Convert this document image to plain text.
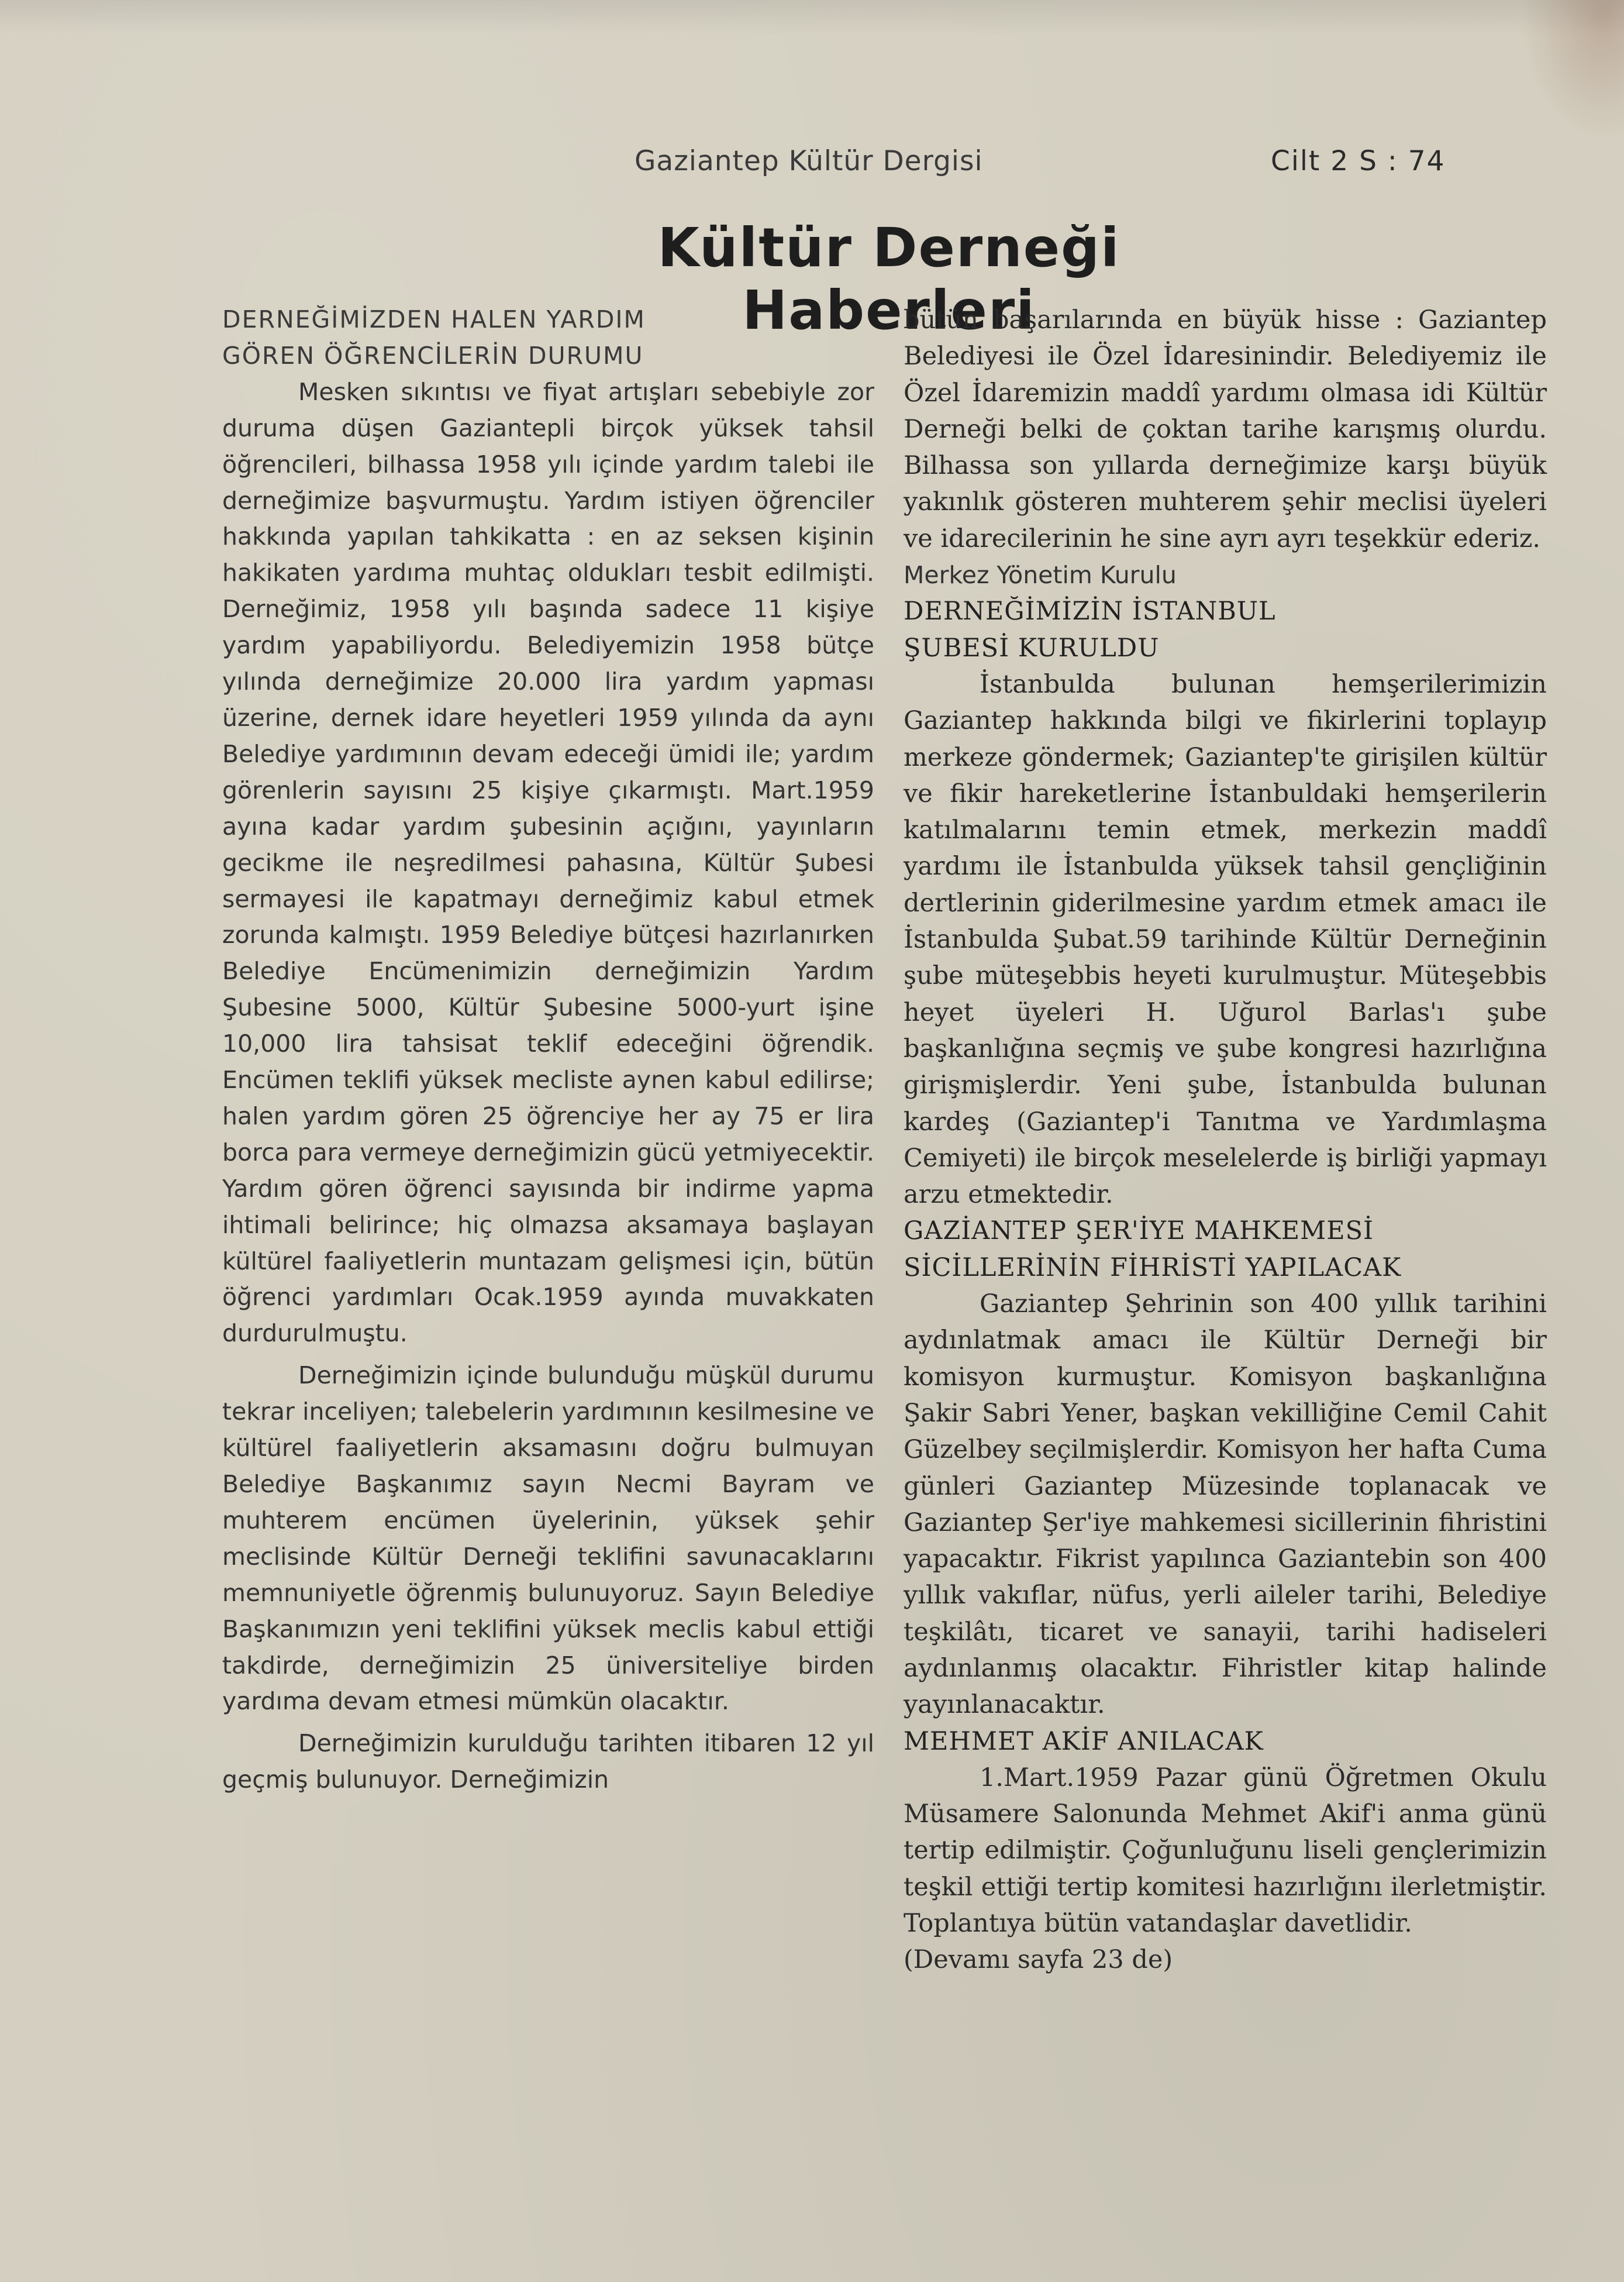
Gaziantep Kültür Dergisi	Cilt 2 S : 74
Kültür Derneği Haberleri

DERNEĞİMİZDEN HALEN YARDIM

GÖREN ÖĞRENCİLERİN DURUMU

Mesken sıkıntısı ve fiyat artışları sebebiyle zor duruma düşen Gaziantepli birçok yüksek tahsil öğrencileri, bilhassa 1958 yılı içinde yardım talebi ile derneğimize başvurmuştu. Yardım istiyen öğrenciler hakkında yapılan tahkikatta : en az seksen kişinin hakikaten yardıma muhtaç oldukları tesbit edilmişti. Derneğimiz, 1958 yılı başında sadece 11 kişiye yardım yapabiliyordu. Belediyemizin 1958 bütçe yılında derneğimize 20.000 lira yardım yapması üzerine, dernek idare heyetleri 1959 yılında da aynı Belediye yardımının devam edeceği ümidi ile; yardım görenlerin sayısını 25 kişiye çıkarmıştı. Mart.1959 ayına kadar yardım şubesinin açığını, yayınların gecikme ile neşredilmesi pahasına, Kültür Şubesi sermayesi ile kapatmayı derneğimiz kabul etmek zorunda kalmıştı. 1959 Belediye bütçesi hazırlanırken Belediye Encümenimizin derneğimizin Yardım Şubesine 5000, Kültür Şubesine 5000-yurt işine 10,000 lira tahsisat teklif edeceğini öğrendik. Encümen teklifi yüksek mecliste aynen kabul edilirse; halen yardım gören 25 öğrenciye her ay 75 er lira borca para vermeye derneğimizin gücü yetmiyecektir. Yardım gören öğrenci sayısında bir indirme yapma ihtimali belirince; hiç olmazsa aksamaya başlayan kültürel faaliyetlerin muntazam gelişmesi için, bütün öğrenci yardımları Ocak.1959 ayında muvakkaten durdurulmuştu.

Derneğimizin içinde bulunduğu müşkül durumu tekrar inceliyen; talebelerin yardımının kesilmesine ve kültürel faaliyetlerin aksamasını doğru bulmuyan Belediye Başkanımız sayın Necmi Bayram ve muhterem encümen üyelerinin, yüksek şehir meclisinde Kültür Derneği teklifini savunacaklarını memnuniyetle öğrenmiş bulunuyoruz. Sayın Belediye Başkanımızın yeni teklifini yüksek meclis kabul ettiği takdirde, derneğimizin 25 üniversiteliye birden yardıma devam etmesi mümkün olacaktır.

Derneğimizin kurulduğu tarihten itibaren 12 yıl geçmiş bulunuyor. Derneğimizin

bütün başarılarında en büyük hisse : Gaziantep Belediyesi ile Özel İdaresinindir. Belediyemiz ile Özel İdaremizin maddî yardımı olmasa idi Kültür Derneği belki de çoktan tarihe karışmış olurdu. Bilhassa son yıllarda derneğimize karşı büyük yakınlık gösteren muhterem şehir meclisi üyeleri ve idarecilerinin he sine ayrı ayrı teşekkür ederiz.

Merkez Yönetim Kurulu

DERNEĞİMİZİN İSTANBUL

ŞUBESİ KURULDU

İstanbulda bulunan hemşerilerimizin Gaziantep hakkında bilgi ve fikirlerini toplayıp merkeze göndermek; Gaziantep'te girişilen kültür ve fikir hareketlerine İstanbuldaki hemşerilerin katılmalarını temin etmek, merkezin maddî yardımı ile İstanbulda yüksek tahsil gençliğinin dertlerinin giderilmesine yardım etmek amacı ile İstanbulda Şubat.59 tarihinde Kültür Derneğinin şube müteşebbis heyeti kurulmuştur. Müteşebbis heyet üyeleri H. Uğurol Barlas'ı şube başkanlığına seçmiş ve şube kongresi hazırlığına girişmişlerdir. Yeni şube, İstanbulda bulunan kardeş (Gaziantep'i Tanıtma ve Yardımlaşma Cemiyeti) ile birçok meselelerde iş birliği yapmayı arzu etmektedir.

GAZİANTEP ŞER'İYE MAHKEMESİ

SİCİLLERİNİN FİHRİSTİ YAPILACAK

Gaziantep Şehrinin son 400 yıllık tarihini aydınlatmak amacı ile Kültür Derneği bir komisyon kurmuştur. Komisyon başkanlığına Şakir Sabri Yener, başkan vekilliğine Cemil Cahit Güzelbey seçilmişlerdir. Komisyon her hafta Cuma günleri Gaziantep Müzesinde toplanacak ve Gaziantep Şer'iye mahkemesi sicillerinin fihristini yapacaktır. Fikrist yapılınca Gaziantebin son 400 yıllık vakıflar, nüfus, yerli aileler tarihi, Belediye teşkilâtı, ticaret ve sanayii, tarihi hadiseleri aydınlanmış olacaktır. Fihristler kitap halinde yayınlanacaktır.

MEHMET AKİF ANILACAK

1.Mart.1959 Pazar günü Öğretmen Okulu Müsamere Salonunda Mehmet Akif'i anma günü tertip edilmiştir. Çoğunluğunu liseli gençlerimizin teşkil ettiği tertip komitesi hazırlığını ilerletmiştir. Toplantıya bütün vatandaşlar davetlidir.

(Devamı sayfa 23 de)
